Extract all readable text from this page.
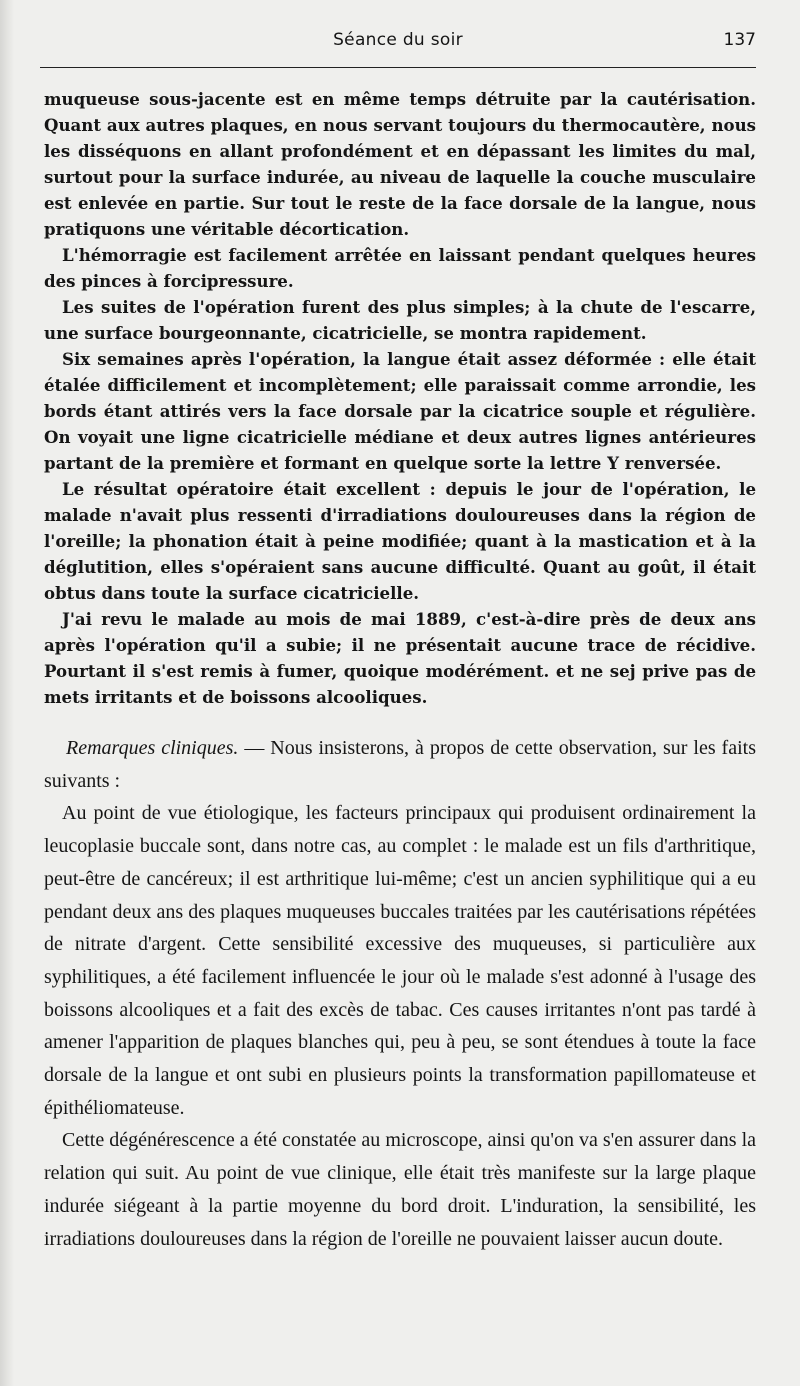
Séance du soir	137

muqueuse sous-jacente est en même temps détruite par la cautérisation. Quant aux autres plaques, en nous servant toujours du thermocautère, nous les disséquons en allant profondément et en dépassant les limites du mal, surtout pour la surface indurée, au niveau de laquelle la couche musculaire est enlevée en partie. Sur tout le reste de la face dorsale de la langue, nous pratiquons une véritable décortication.

L'hémorragie est facilement arrêtée en laissant pendant quelques heures des pinces à forcipressure.

Les suites de l'opération furent des plus simples; à la chute de l'escarre, une surface bourgeonnante, cicatricielle, se montra rapidement.

Six semaines après l'opération, la langue était assez déformée : elle était étalée difficilement et incomplètement; elle paraissait comme arrondie, les bords étant attirés vers la face dorsale par la cicatrice souple et régulière. On voyait une ligne cicatricielle médiane et deux autres lignes antérieures partant de la première et formant en quelque sorte la lettre Y renversée.

Le résultat opératoire était excellent : depuis le jour de l'opération, le malade n'avait plus ressenti d'irradiations douloureuses dans la région de l'oreille; la phonation était à peine modifiée; quant à la mastication et à la déglutition, elles s'opéraient sans aucune difficulté. Quant au goût, il était obtus dans toute la surface cicatricielle.

J'ai revu le malade au mois de mai 1889, c'est-à-dire près de deux ans après l'opération qu'il a subie; il ne présentait aucune trace de récidive. Pourtant il s'est remis à fumer, quoique modérément. et ne sej prive pas de mets irritants et de boissons alcooliques.

Remarques cliniques. — Nous insisterons, à propos de cette observation, sur les faits suivants :

Au point de vue étiologique, les facteurs principaux qui produisent ordinairement la leucoplasie buccale sont, dans notre cas, au complet : le malade est un fils d'arthritique, peut-être de cancéreux; il est arthritique lui-même; c'est un ancien syphilitique qui a eu pendant deux ans des plaques muqueuses buccales traitées par les cautérisations répétées de nitrate d'argent. Cette sensibilité excessive des muqueuses, si particulière aux syphilitiques, a été facilement influencée le jour où le malade s'est adonné à l'usage des boissons alcooliques et a fait des excès de tabac. Ces causes irritantes n'ont pas tardé à amener l'apparition de plaques blanches qui, peu à peu, se sont étendues à toute la face dorsale de la langue et ont subi en plusieurs points la transformation papillomateuse et épithéliomateuse.

Cette dégénérescence a été constatée au microscope, ainsi qu'on va s'en assurer dans la relation qui suit. Au point de vue clinique, elle était très manifeste sur la large plaque indurée siégeant à la partie moyenne du bord droit. L'induration, la sensibilité, les irradiations douloureuses dans la région de l'oreille ne pouvaient laisser aucun doute.
